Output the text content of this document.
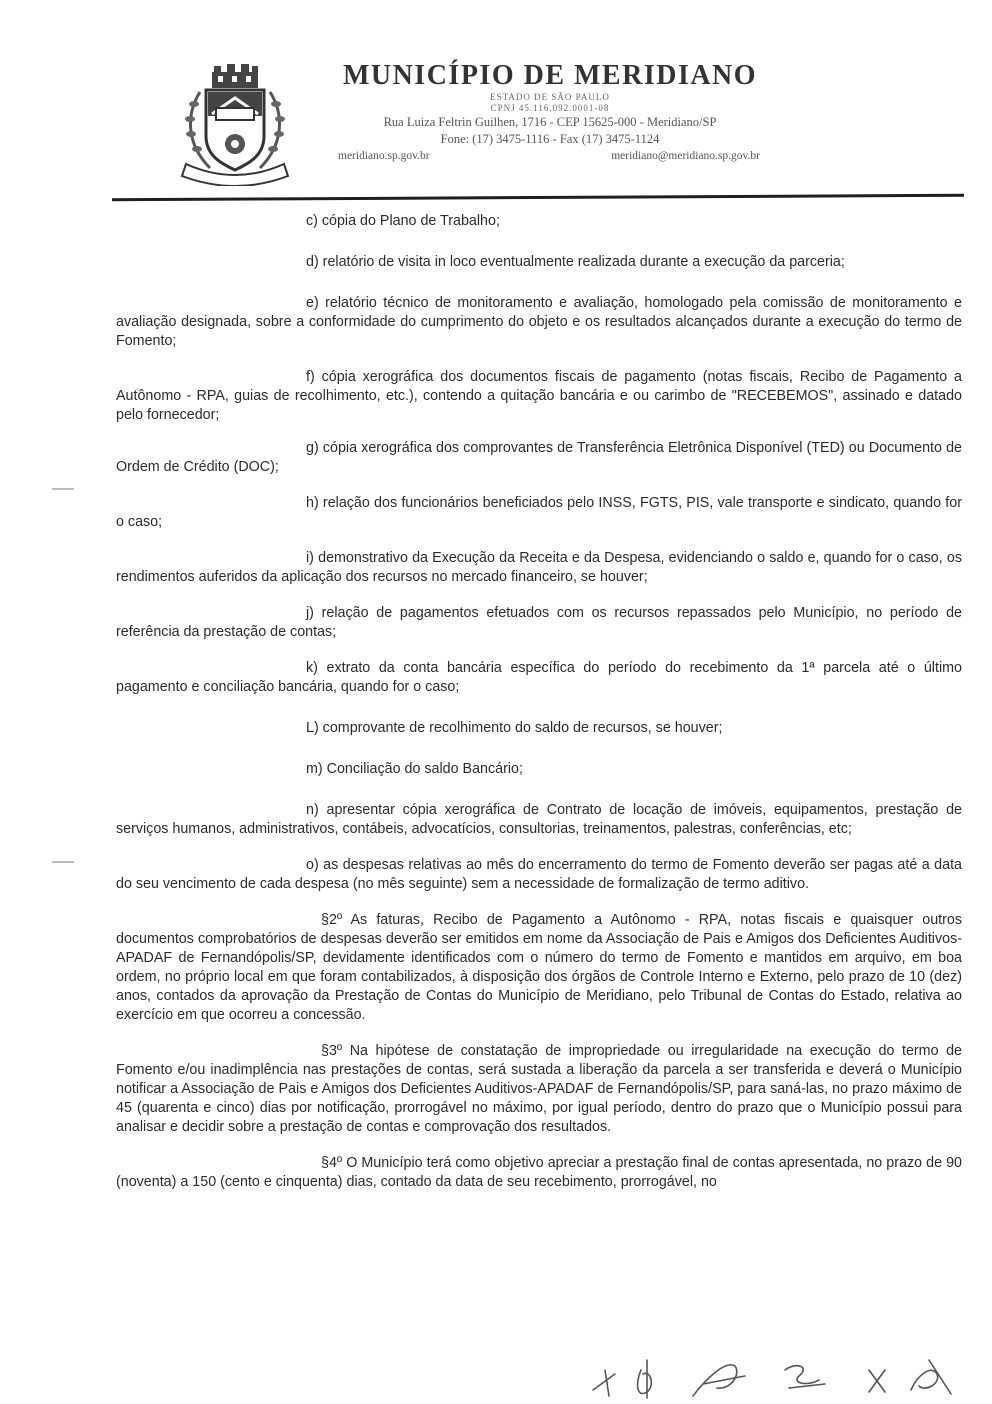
MUNICÍPIO DE MERIDIANO
ESTADO DE SÃO PAULO
CPNJ 45.116.092.0001-08
Rua Luiza Feltrin Guilhen, 1716 - CEP 15625-000 - Meridiano/SP
Fone: (17) 3475-1116 - Fax (17) 3475-1124
meridiano.sp.gov.br	meridiano@meridiano.sp.gov.br

c) cópia do Plano de Trabalho;

d) relatório de visita in loco eventualmente realizada durante a execução da parceria;

e) relatório técnico de monitoramento e avaliação, homologado pela comissão de monitoramento e avaliação designada, sobre a conformidade do cumprimento do objeto e os resultados alcançados durante a execução do termo de Fomento;

f) cópia xerográfica dos documentos fiscais de pagamento (notas fiscais, Recibo de Pagamento a Autônomo - RPA, guias de recolhimento, etc.), contendo a quitação bancária e ou carimbo de "RECEBEMOS", assinado e datado pelo fornecedor;

g) cópia xerográfica dos comprovantes de Transferência Eletrônica Disponível (TED) ou Documento de Ordem de Crédito (DOC);

h) relação dos funcionários beneficiados pelo INSS, FGTS, PIS, vale transporte e sindicato, quando for o caso;

i) demonstrativo da Execução da Receita e da Despesa, evidenciando o saldo e, quando for o caso, os rendimentos auferidos da aplicação dos recursos no mercado financeiro, se houver;

j) relação de pagamentos efetuados com os recursos repassados pelo Município, no período de referência da prestação de contas;

k) extrato da conta bancária específica do período do recebimento da 1ª parcela até o último pagamento e conciliação bancária, quando for o caso;

L) comprovante de recolhimento do saldo de recursos, se houver;

m) Conciliação do saldo Bancário;

n) apresentar cópia xerográfica de Contrato de locação de imóveis, equipamentos, prestação de serviços humanos, administrativos, contábeis, advocatícios, consultorias, treinamentos, palestras, conferências, etc;

o) as despesas relativas ao mês do encerramento do termo de Fomento deverão ser pagas até a data do seu vencimento de cada despesa (no mês seguinte) sem a necessidade de formalização de termo aditivo.

§2º As faturas, Recibo de Pagamento a Autônomo - RPA, notas fiscais e quaisquer outros documentos comprobatórios de despesas deverão ser emitidos em nome da Associação de Pais e Amigos dos Deficientes Auditivos-APADAF de Fernandópolis/SP, devidamente identificados com o número do termo de Fomento e mantidos em arquivo, em boa ordem, no próprio local em que foram contabilizados, à disposição dos órgãos de Controle Interno e Externo, pelo prazo de 10 (dez) anos, contados da aprovação da Prestação de Contas do Município de Meridiano, pelo Tribunal de Contas do Estado, relativa ao exercício em que ocorreu a concessão.

§3º Na hipótese de constatação de impropriedade ou irregularidade na execução do termo de Fomento e/ou inadimplência nas prestações de contas, será sustada a liberação da parcela a ser transferida e deverá o Município notificar a Associação de Pais e Amigos dos Deficientes Auditivos-APADAF de Fernandópolis/SP, para saná-las, no prazo máximo de 45 (quarenta e cinco) dias por notificação, prorrogável no máximo, por igual período, dentro do prazo que o Município possui para analisar e decidir sobre a prestação de contas e comprovação dos resultados.

§4º O Município terá como objetivo apreciar a prestação final de contas apresentada, no prazo de 90 (noventa) a 150 (cento e cinquenta) dias, contado da data de seu recebimento, prorrogável, no
